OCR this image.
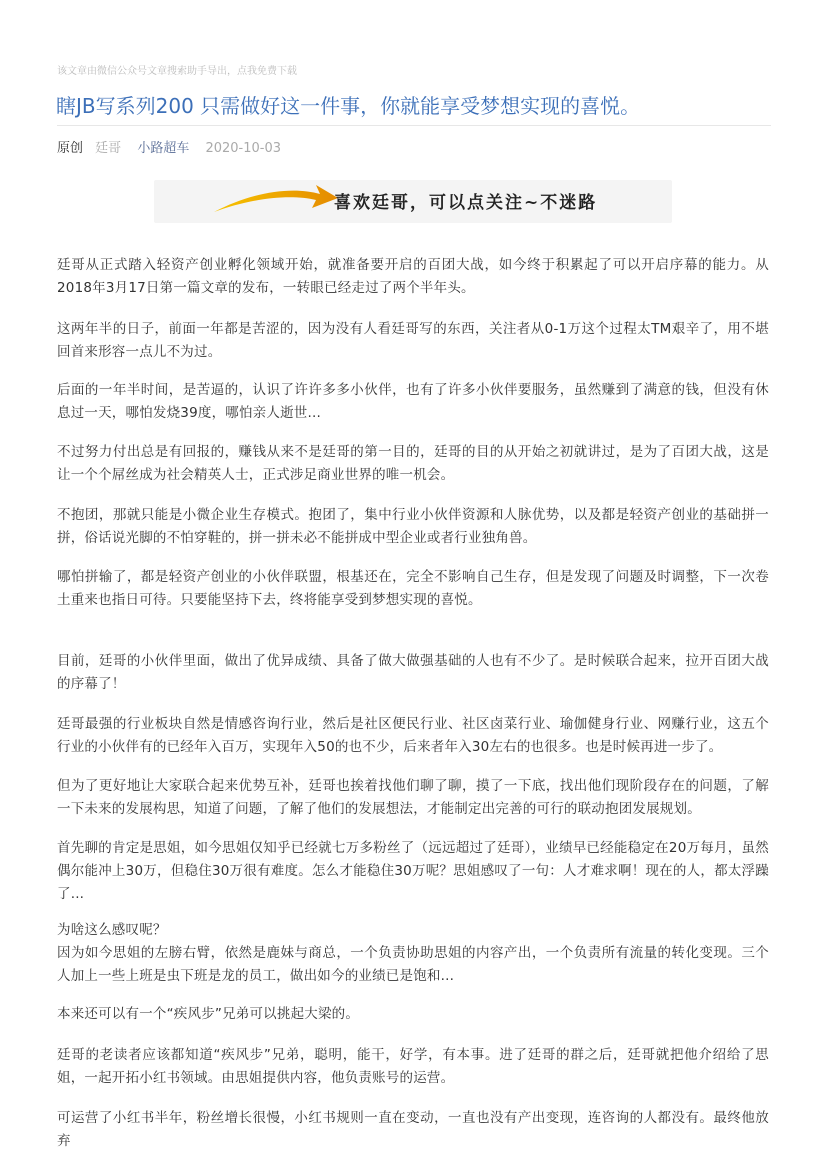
该文章由微信公众号文章搜索助手导出，点我免费下载
瞎JB写系列200 只需做好这一件事，你就能享受梦想实现的喜悦。
原创 廷哥 小路超车 2020-10-03
喜欢廷哥，可以点关注~不迷路

廷哥从正式踏入轻资产创业孵化领域开始，就准备要开启的百团大战，如今终于积累起了可以开启序幕的能力。从2018年3月17日第一篇文章的发布，一转眼已经走过了两个半年头。

这两年半的日子，前面一年都是苦涩的，因为没有人看廷哥写的东西，关注者从0-1万这个过程太TM艰辛了，用不堪回首来形容一点儿不为过。

后面的一年半时间，是苦逼的，认识了许许多多小伙伴，也有了许多小伙伴要服务，虽然赚到了满意的钱，但没有休息过一天，哪怕发烧39度，哪怕亲人逝世...

不过努力付出总是有回报的，赚钱从来不是廷哥的第一目的，廷哥的目的从开始之初就讲过，是为了百团大战，这是让一个个屌丝成为社会精英人士，正式涉足商业世界的唯一机会。

不抱团，那就只能是小微企业生存模式。抱团了，集中行业小伙伴资源和人脉优势，以及都是轻资产创业的基础拼一拼，俗话说光脚的不怕穿鞋的，拼一拼未必不能拼成中型企业或者行业独角兽。

哪怕拼输了，都是轻资产创业的小伙伴联盟，根基还在，完全不影响自己生存，但是发现了问题及时调整，下一次卷土重来也指日可待。只要能坚持下去，终将能享受到梦想实现的喜悦。

目前，廷哥的小伙伴里面，做出了优异成绩、具备了做大做强基础的人也有不少了。是时候联合起来，拉开百团大战的序幕了！

廷哥最强的行业板块自然是情感咨询行业，然后是社区便民行业、社区卤菜行业、瑜伽健身行业、网赚行业，这五个行业的小伙伴有的已经年入百万，实现年入50的也不少，后来者年入30左右的也很多。也是时候再进一步了。

但为了更好地让大家联合起来优势互补，廷哥也挨着找他们聊了聊，摸了一下底，找出他们现阶段存在的问题，了解一下未来的发展构思，知道了问题，了解了他们的发展想法，才能制定出完善的可行的联动抱团发展规划。

首先聊的肯定是思姐，如今思姐仅知乎已经就七万多粉丝了（远远超过了廷哥），业绩早已经能稳定在20万每月，虽然偶尔能冲上30万，但稳住30万很有难度。怎么才能稳住30万呢？思姐感叹了一句：人才难求啊！现在的人，都太浮躁了...

为啥这么感叹呢？

因为如今思姐的左膀右臂，依然是鹿妹与商总，一个负责协助思姐的内容产出，一个负责所有流量的转化变现。三个人加上一些上班是虫下班是龙的员工，做出如今的业绩已是饱和...

本来还可以有一个“疾风步”兄弟可以挑起大梁的。

廷哥的老读者应该都知道“疾风步”兄弟，聪明，能干，好学，有本事。进了廷哥的群之后，廷哥就把他介绍给了思姐，一起开拓小红书领域。由思姐提供内容，他负责账号的运营。

可运营了小红书半年，粉丝增长很慢，小红书规则一直在变动，一直也没有产出变现，连咨询的人都没有。最终他放弃
